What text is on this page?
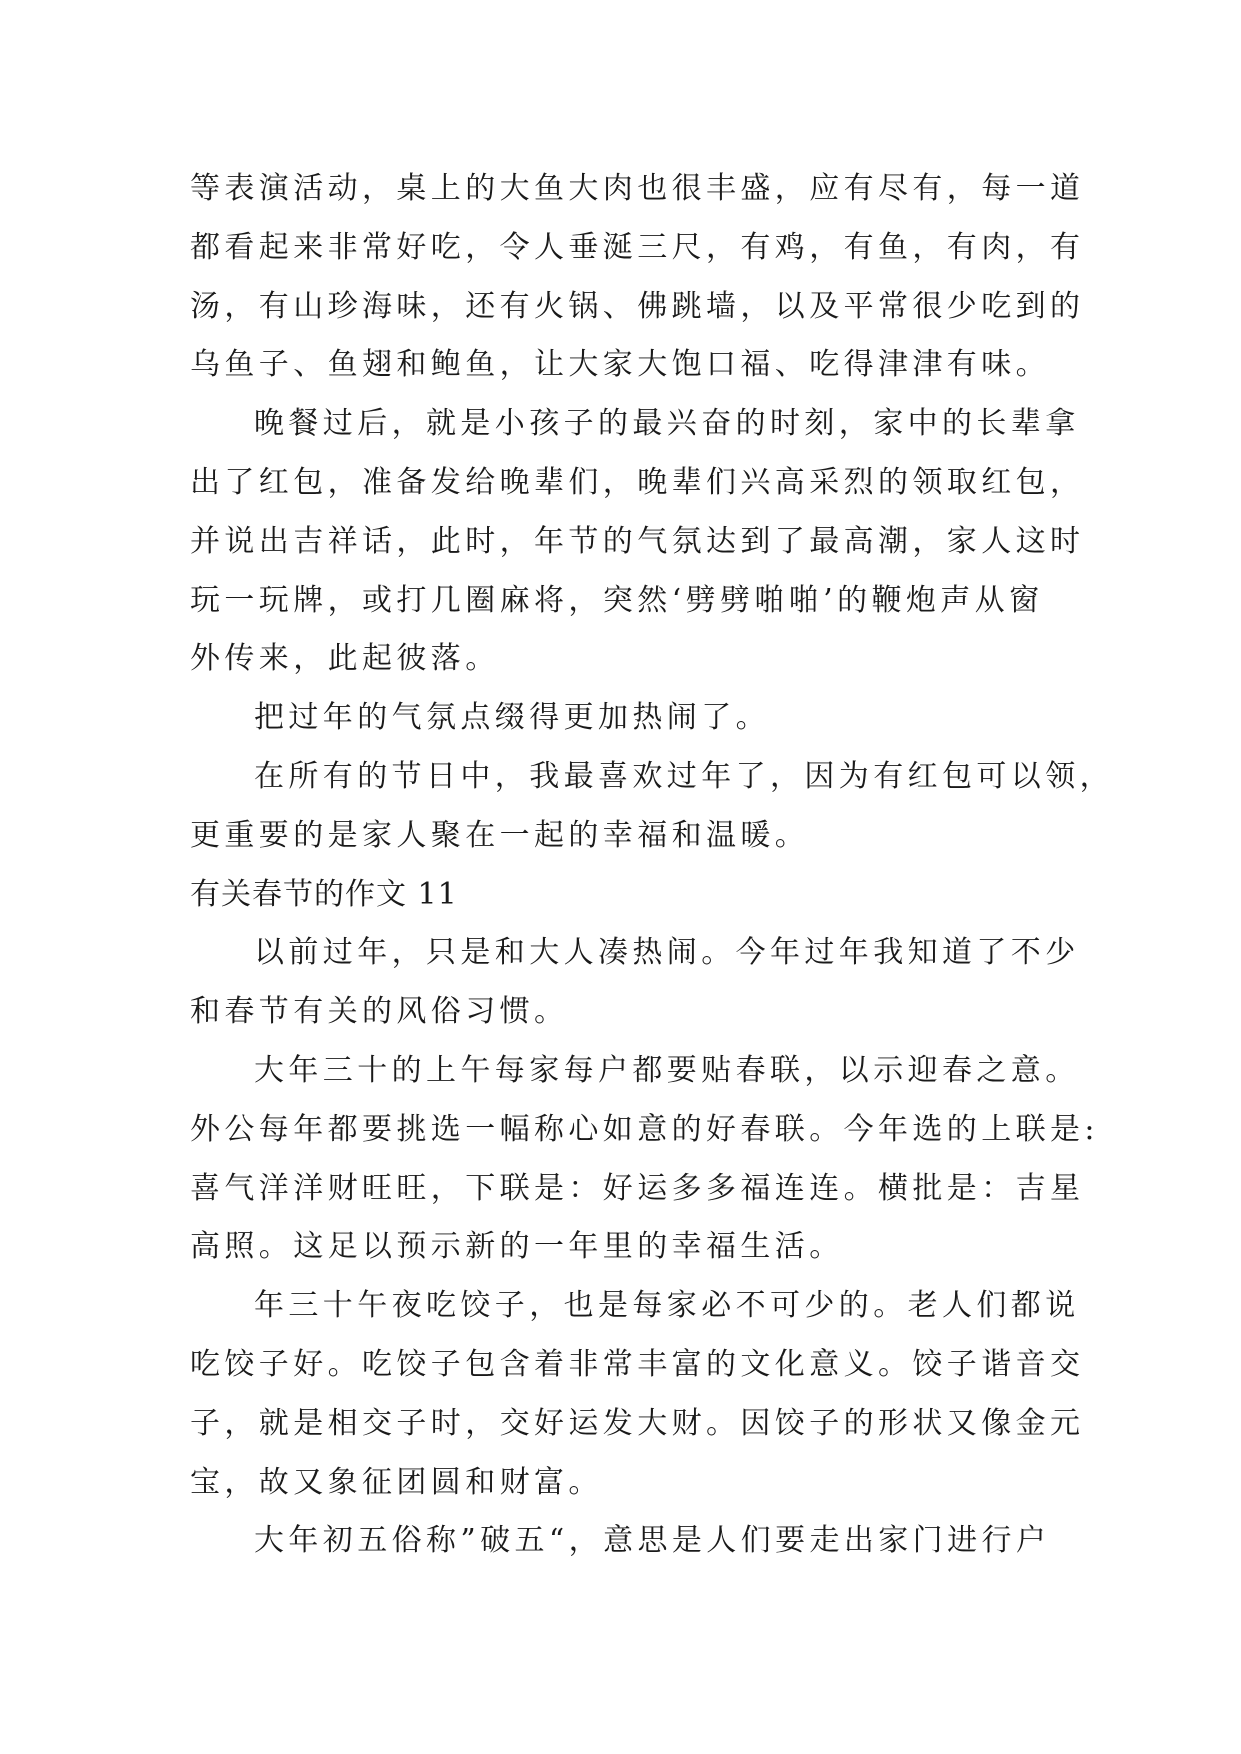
等表演活动，桌上的大鱼大肉也很丰盛，应有尽有，每一道
都看起来非常好吃，令人垂涎三尺，有鸡，有鱼，有肉，有
汤，有山珍海味，还有火锅、佛跳墙，以及平常很少吃到的
乌鱼子、鱼翅和鲍鱼，让大家大饱口福、吃得津津有味。
晚餐过后，就是小孩子的最兴奋的时刻，家中的长辈拿
出了红包，准备发给晚辈们，晚辈们兴高采烈的领取红包，
并说出吉祥话，此时，年节的气氛达到了最高潮，家人这时
玩一玩牌，或打几圈麻将，突然‘劈劈啪啪’的鞭炮声从窗
外传来，此起彼落。
把过年的气氛点缀得更加热闹了。
在所有的节日中，我最喜欢过年了，因为有红包可以领，
更重要的是家人聚在一起的幸福和温暖。
有关春节的作文 11
以前过年，只是和大人凑热闹。今年过年我知道了不少
和春节有关的风俗习惯。
大年三十的上午每家每户都要贴春联，以示迎春之意。
外公每年都要挑选一幅称心如意的好春联。今年选的上联是:
喜气洋洋财旺旺，下联是：好运多多福连连。横批是：吉星
高照。这足以预示新的一年里的幸福生活。
年三十午夜吃饺子，也是每家必不可少的。老人们都说
吃饺子好。吃饺子包含着非常丰富的文化意义。饺子谐音交
子，就是相交子时，交好运发大财。因饺子的形状又像金元
宝，故又象征团圆和财富。
大年初五俗称”破五“，意思是人们要走出家门进行户
